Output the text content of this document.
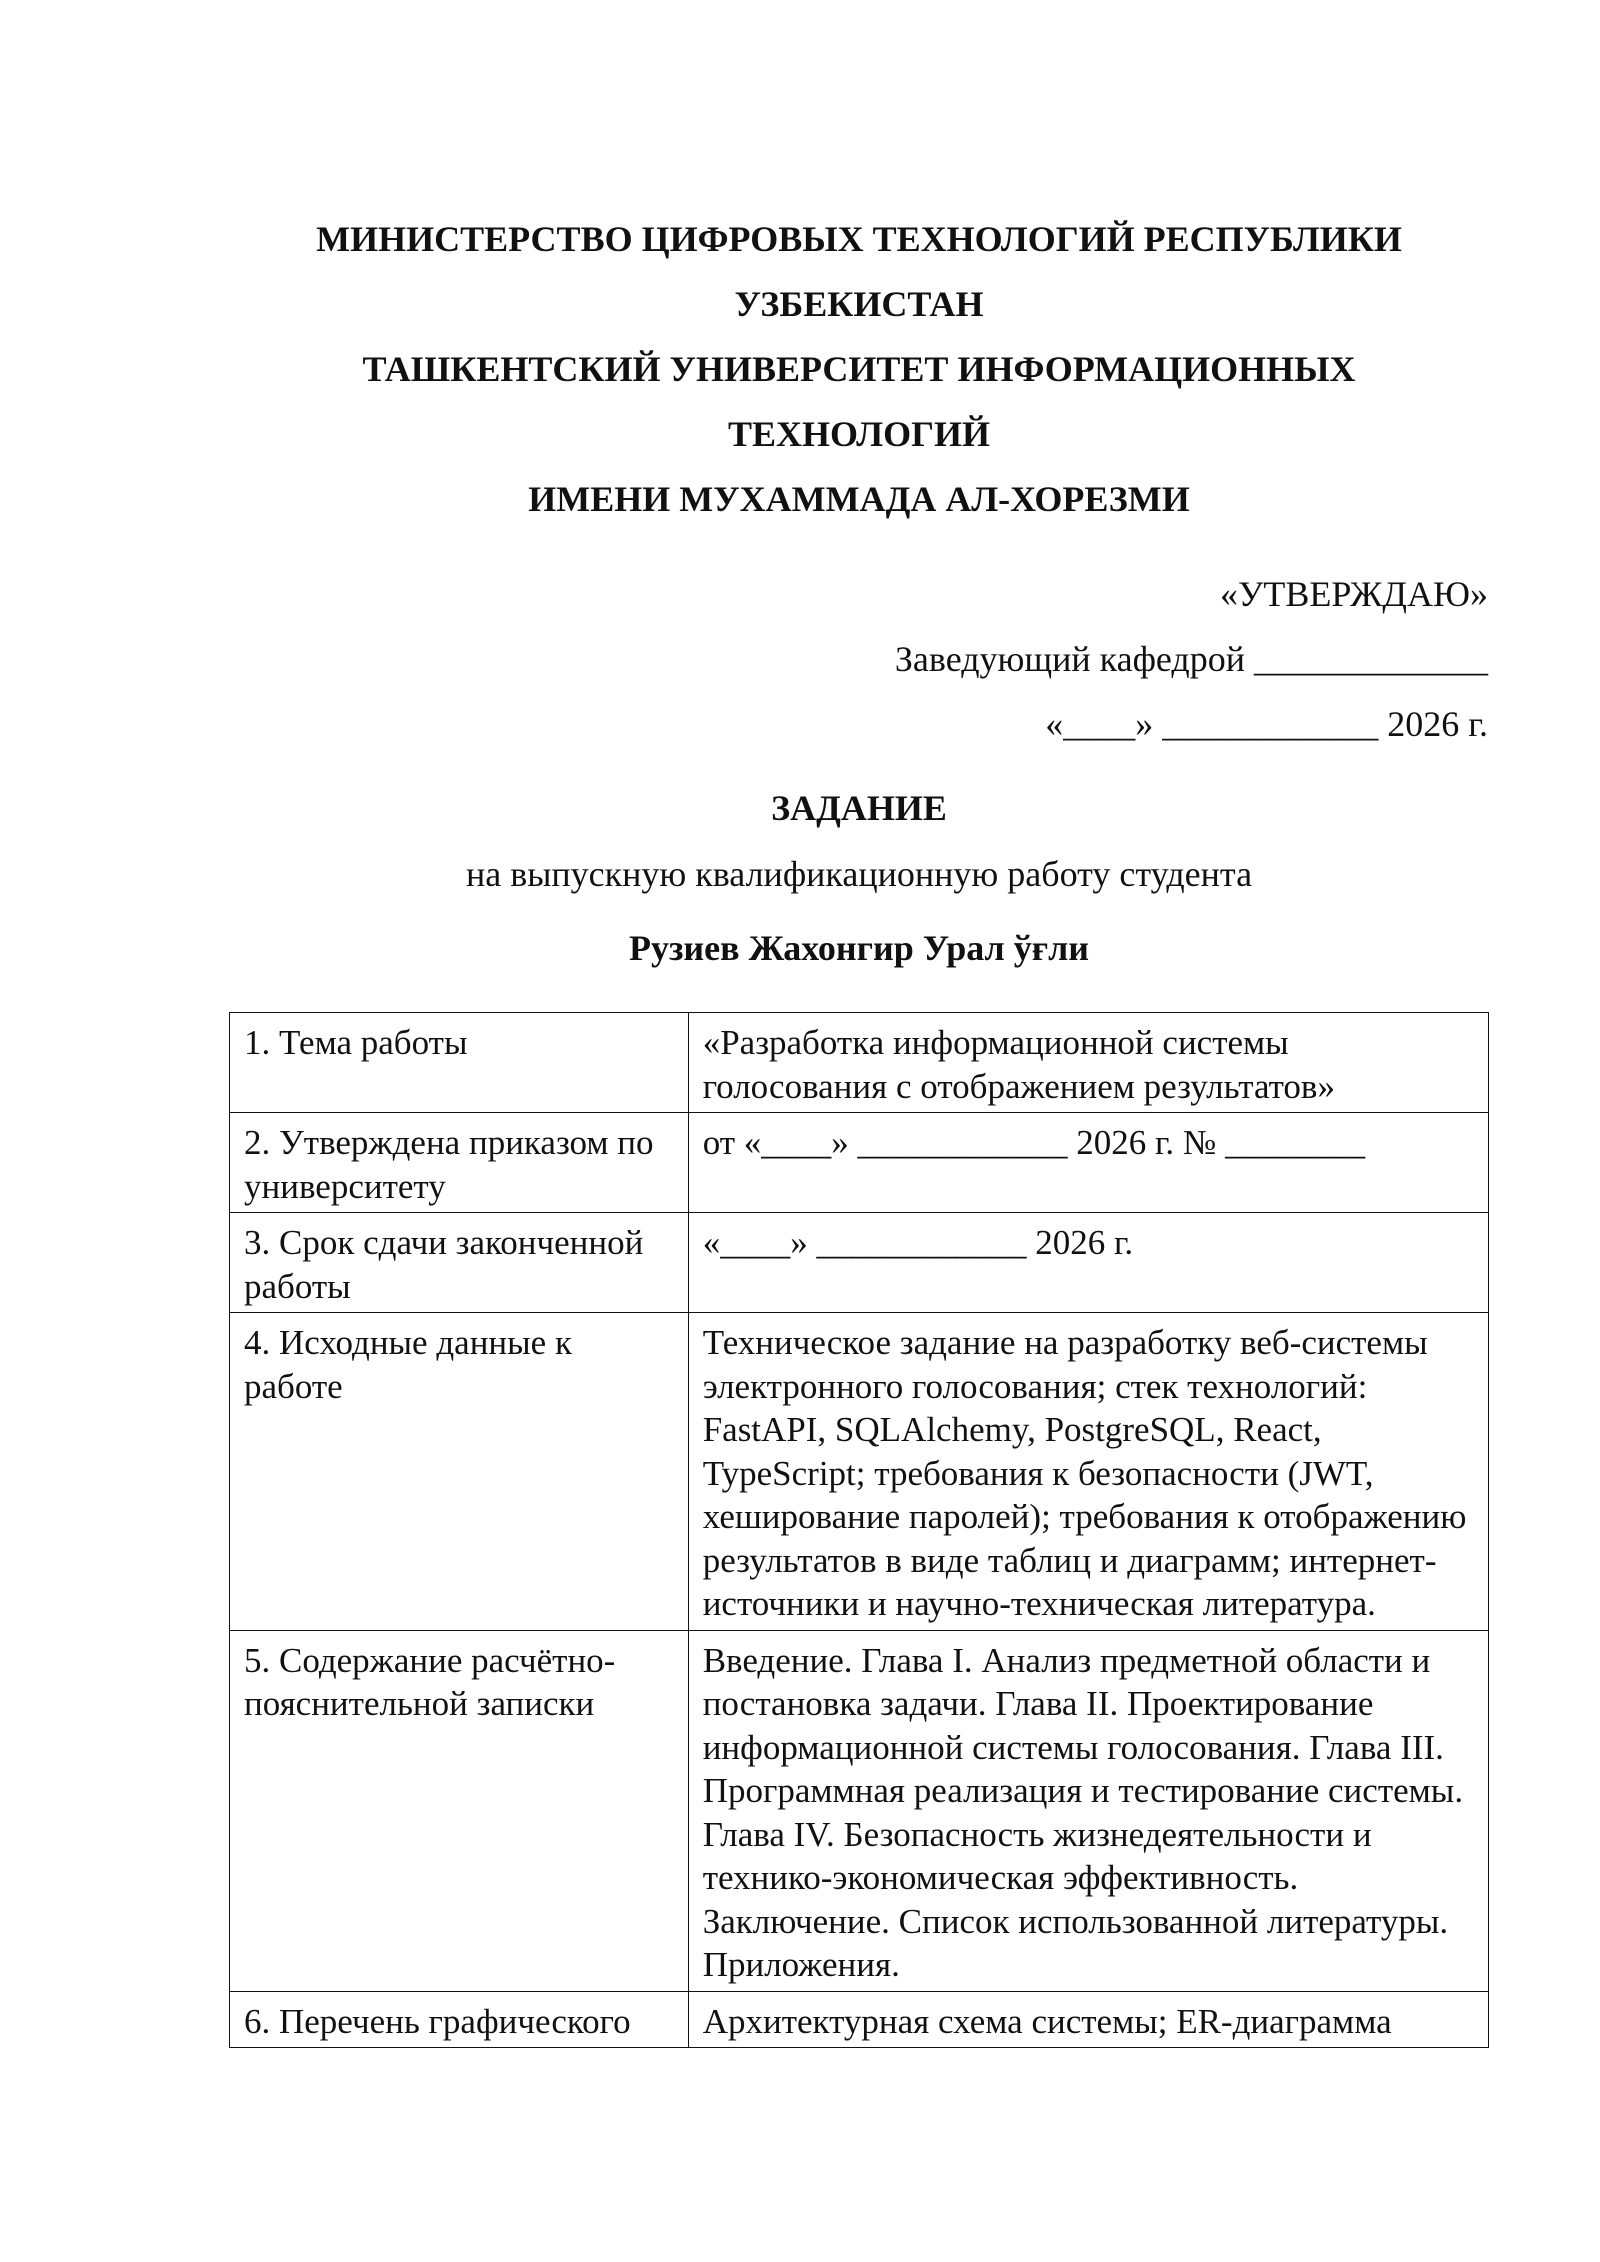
МИНИСТЕРСТВО ЦИФРОВЫХ ТЕХНОЛОГИЙ РЕСПУБЛИКИ
УЗБЕКИСТАН
ТАШКЕНТСКИЙ УНИВЕРСИТЕТ ИНФОРМАЦИОННЫХ
ТЕХНОЛОГИЙ
ИМЕНИ МУХАММАДА АЛ-ХОРЕЗМИ
«УТВЕРЖДАЮ»
Заведующий кафедрой _____________
«____» ____________ 2026 г.
ЗАДАНИЕ
на выпускную квалификационную работу студента
Рузиев Жахонгир Урал ўғли
1. Тема работы	«Разработка информационной системы голосования с отображением результатов»

2. Утверждена приказом по университету	от «____» ____________ 2026 г. № ________

3. Срок сдачи законченной работы	«____» ____________ 2026 г.

4. Исходные данные к работе	Техническое задание на разработку веб-системы электронного голосования; стек технологий: FastAPI, SQLAlchemy, PostgreSQL, React, TypeScript; требования к безопасности (JWT, хеширование паролей); требования к отображению результатов в виде таблиц и диаграмм; интернет-источники и научно-техническая литература.

5. Содержание расчётно-пояснительной записки	Введение. Глава I. Анализ предметной области и постановка задачи. Глава II. Проектирование информационной системы голосования. Глава III. Программная реализация и тестирование системы. Глава IV. Безопасность жизнедеятельности и технико-экономическая эффективность. Заключение. Список использованной литературы. Приложения.

6. Перечень графического	Архитектурная схема системы; ER-диаграмма
